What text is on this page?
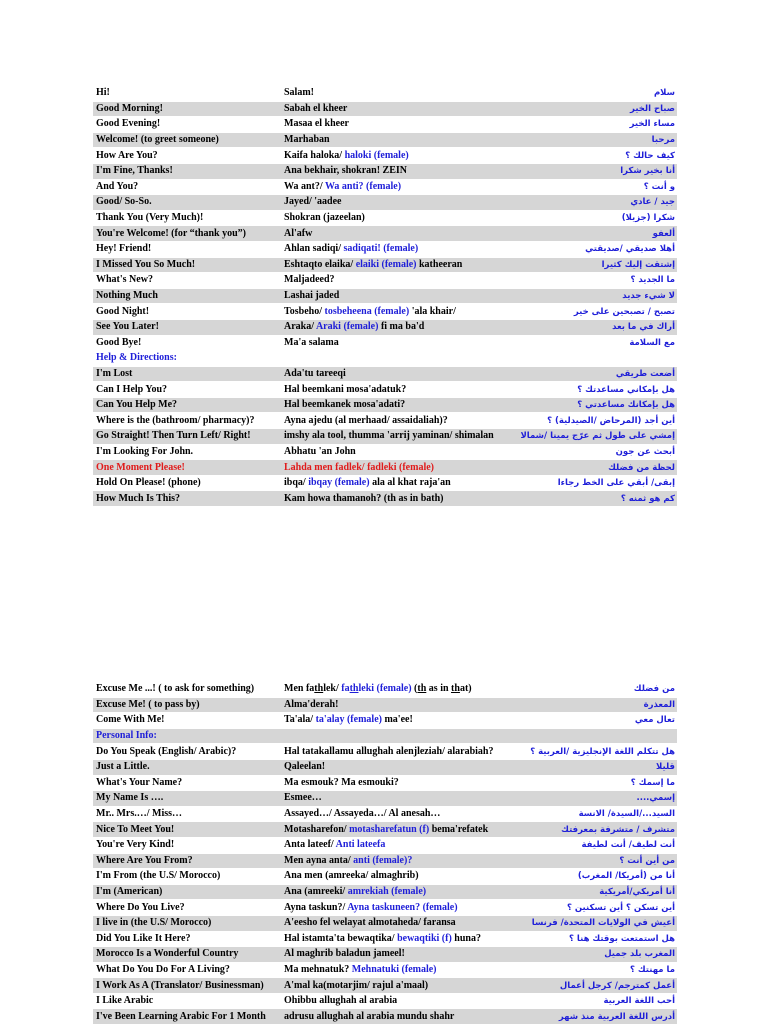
Hi!	Salam!	سلام
Good Morning!	Sabah el kheer	صباح الخير
Good Evening!	Masaa el kheer	مساء الخير
Welcome! (to greet someone)	Marhaban	مرحبا
How Are You?	Kaifa haloka/ haloki (female)	كيف حالك ؟
I'm Fine, Thanks!	Ana bekhair, shokran! ZEIN	أنا بخير شكرا
And You?	Wa ant?/ Wa anti? (female)	و أنت ؟
Good/ So-So.	Jayed/ 'aadee	جيد / عادي
Thank You (Very Much)!	Shokran (jazeelan)	شكرا (جزيلا)
You're Welcome! (for “thank you”)	Al'afw	ألعفو
Hey! Friend!	Ahlan sadiqi/ sadiqati! (female)	أهلا صديقي /صديقتي
I Missed You So Much!	Eshtaqto elaika/ elaiki (female) katheeran	إشتقت إليك كثيرا
What's New?	Maljadeed?	ما الجديد ؟
Nothing Much	Lashai jaded	لا شيء جديد
Good Night!	Tosbeho/ tosbeheena (female) 'ala khair/	تصبح / تصبحين على خير
See You Later!	Araka/ Araki (female) fi ma ba'd	أراك في ما بعد
Good Bye!	Ma'a salama	مع السلامة
Help & Directions:		
I'm Lost	Ada'tu tareeqi	أضعت طريقي
Can I Help You?	Hal beemkani mosa'adatuk?	هل بإمكاني مساعدتك ؟
Can You Help Me?	Hal beemkanek mosa'adati?	هل بإمكانك مساعدتي ؟
Where is the (bathroom/ pharmacy)?	Ayna ajedu (al merhaad/ assaidaliah)?	أين أجد (المرحاض /الصيدلية) ؟
Go Straight! Then Turn Left/ Right!	imshy ala tool, thumma 'arrij yaminan/ shimalan	إمشي على طول ثم عرّج يمينا /شمالا
I'm Looking For John.	Abhatu 'an John	أبحث عن جون
One Moment Please!	Lahda men fadlek/ fadleki (female)	لحظة من فضلك
Hold On Please! (phone)	ibqa/ ibqay (female) ala al khat raja'an	إبقى/ أبقي على الخط رجاءا
How Much Is This?	Kam howa thamanoh? (th as in bath)	كم هو ثمنه ؟
Excuse Me ...! ( to ask for something)	Men fathlek/ fathleki (female) (th as in that)	من فضلك
Excuse Me! ( to pass by)	Alma'derah!	المعذرة
Come With Me!	Ta'ala/ ta'alay (female) ma'ee!	تعال معي
Personal Info:		
Do You Speak (English/ Arabic)?	Hal tatakallamu allughah alenjleziah/ alarabiah?	هل تتكلم اللغة الإنجليزية /العربية ؟
Just a Little.	Qaleelan!	قليلا
What's Your Name?	Ma esmouk? Ma esmouki?	ما إسمك ؟
My Name Is ….	Esmee…	إسمي....
Mr.. Mrs.…/ Miss…	Assayed…/ Assayeda…/ Al anesah…	السيد.../السيدة/ الانسة
Nice To Meet You!	Motasharefon/ motasharefatun (f) bema'refatek	متشرف / متشرفة بمعرفتك
You're Very Kind!	Anta lateef/ Anti lateefa	أنت لطيف/ أنت لطيفة
Where Are You From?	Men ayna anta/ anti (female)?	من أين أنت ؟
I'm From (the U.S/ Morocco)	Ana men (amreeka/ almaghrib)	أنا من (أمريكا/ المغرب)
I'm (American)	Ana (amreeki/ amrekiah (female)	أنا أمريكي/أمريكية
Where Do You Live?	Ayna taskun?/ Ayna taskuneen? (female)	أين تسكن ؟ أين تسكنين ؟
I live in (the U.S/ Morocco)	A'eesho fel welayat almotaheda/ faransa	أعيش في الولايات المتحدة/ فرنسا
Did You Like It Here?	Hal istamta'ta bewaqtika/ bewaqtiki (f) huna?	هل استمتعت بوقتك هنا ؟
Morocco Is a Wonderful Country	Al maghrib baladun jameel!	المغرب بلد جميل
What Do You Do For A Living?	Ma mehnatuk? Mehnatuki (female)	ما مهنتك ؟
I Work As A (Translator/ Businessman)	A'mal ka(motarjim/ rajul a'maal)	أعمل كمترجم/ كرجل أعمال
I Like Arabic	Ohibbu allughah al arabia	أحب اللغة العربية
I've Been Learning Arabic For 1 Month	adrusu allughah al arabia mundu shahr	أدرس اللغة العربية منذ شهر
